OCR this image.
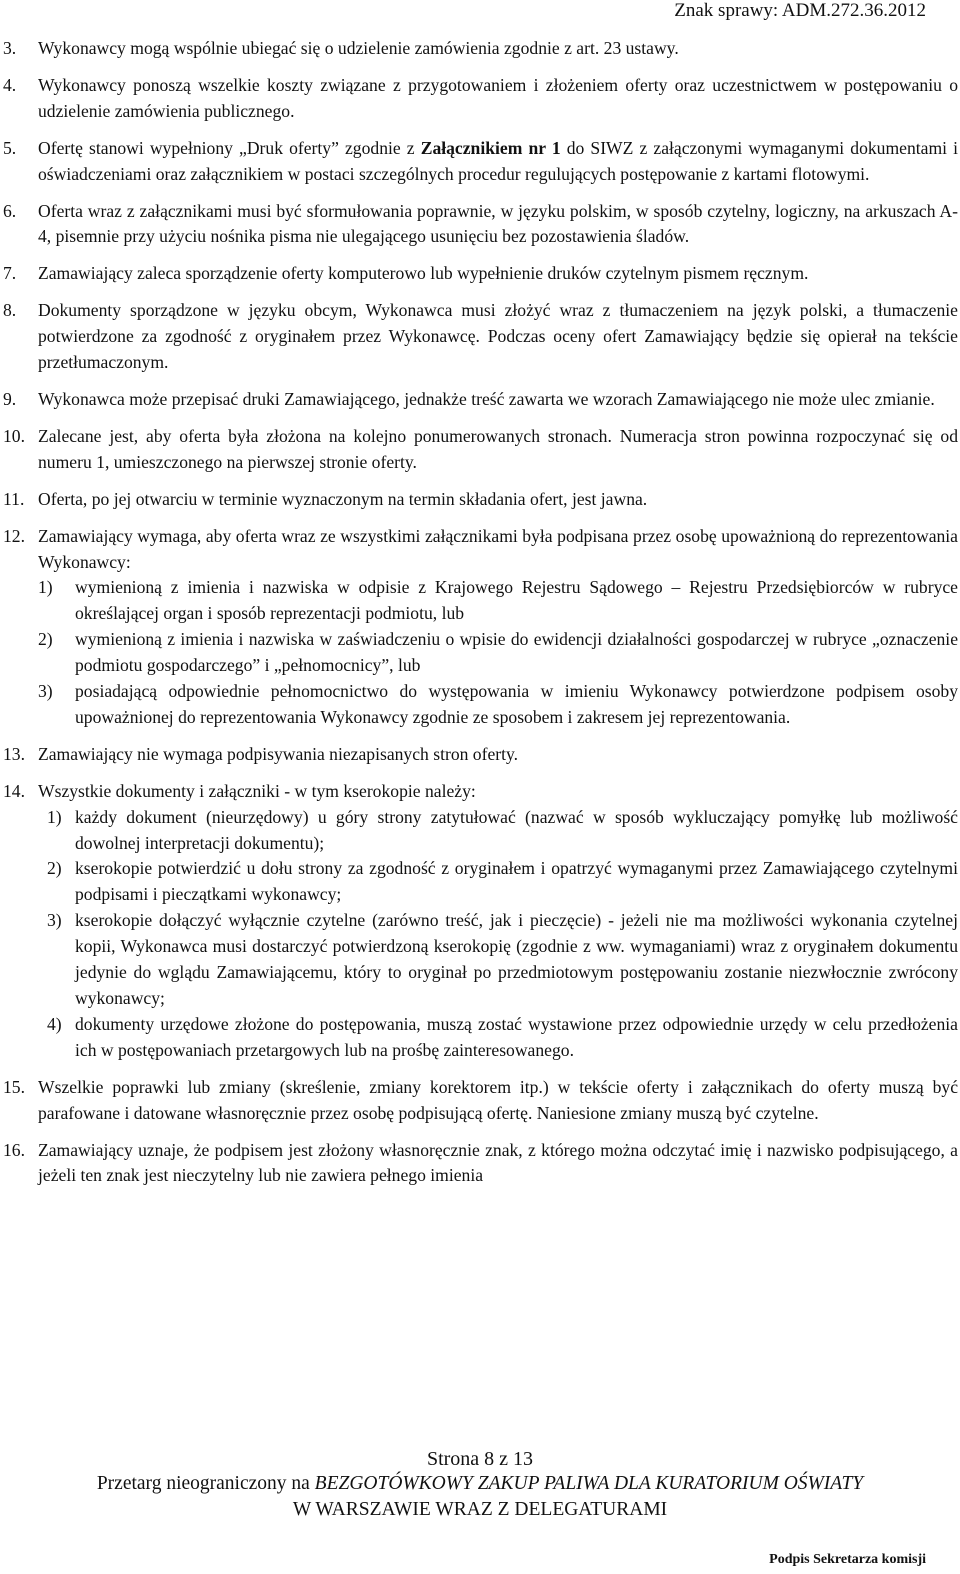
Znak sprawy: ADM.272.36.2012
3. Wykonawcy mogą wspólnie ubiegać się o udzielenie zamówienia zgodnie z art. 23 ustawy.
4. Wykonawcy ponoszą wszelkie koszty związane z przygotowaniem i złożeniem oferty oraz uczestnictwem w postępowaniu o udzielenie zamówienia publicznego.
5. Ofertę stanowi wypełniony „Druk oferty” zgodnie z Załącznikiem nr 1 do SIWZ z załączonymi wymaganymi dokumentami i oświadczeniami oraz załącznikiem w postaci szczególnych procedur regulujących postępowanie z kartami flotowymi.
6. Oferta wraz z załącznikami musi być sformułowania poprawnie, w języku polskim, w sposób czytelny, logiczny, na arkuszach A-4, pisemnie przy użyciu nośnika pisma nie ulegającego usunięciu bez pozostawienia śladów.
7. Zamawiający zaleca sporządzenie oferty komputerowo lub wypełnienie druków czytelnym pismem ręcznym.
8. Dokumenty sporządzone w języku obcym, Wykonawca musi złożyć wraz z tłumaczeniem na język polski, a tłumaczenie potwierdzone za zgodność z oryginałem przez Wykonawcę. Podczas oceny ofert Zamawiający będzie się opierał na tekście przetłumaczonym.
9. Wykonawca może przepisać druki Zamawiającego, jednakże treść zawarta we wzorach Zamawiającego nie może ulec zmianie.
10. Zalecane jest, aby oferta była złożona na kolejno ponumerowanych stronach. Numeracja stron powinna rozpoczynać się od numeru 1, umieszczonego na pierwszej stronie oferty.
11. Oferta, po jej otwarciu w terminie wyznaczonym na termin składania ofert, jest jawna.
12. Zamawiający wymaga, aby oferta wraz ze wszystkimi załącznikami była podpisana przez osobę upoważnioną do reprezentowania Wykonawcy:
1) wymienioną z imienia i nazwiska w odpisie z Krajowego Rejestru Sądowego – Rejestru Przedsiębiorców w rubryce określającej organ i sposób reprezentacji podmiotu, lub
2) wymienioną z imienia i nazwiska w zaświadczeniu o wpisie do ewidencji działalności gospodarczej w rubryce „oznaczenie podmiotu gospodarczego” i „pełnomocnicy”, lub
3) posiadającą odpowiednie pełnomocnictwo do występowania w imieniu Wykonawcy potwierdzone podpisem osoby upoważnionej do reprezentowania Wykonawcy zgodnie ze sposobem i zakresem jej reprezentowania.
13. Zamawiający nie wymaga podpisywania niezapisanych stron oferty.
14. Wszystkie dokumenty i załączniki - w tym kserokopie należy:
1) każdy dokument (nieurzędowy) u góry strony zatytułować (nazwać w sposób wykluczający pomyłkę lub możliwość dowolnej interpretacji dokumentu);
2) kserokopie potwierdzić u dołu strony za zgodność z oryginałem i opatrzyć wymaganymi przez Zamawiającego czytelnymi podpisami i pieczątkami wykonawcy;
3) kserokopie dołączyć wyłącznie czytelne (zarówno treść, jak i pieczęcie) - jeżeli nie ma możliwości wykonania czytelnej kopii, Wykonawca musi dostarczyć potwierdzoną kserokopię (zgodnie z ww. wymaganiami) wraz z oryginałem dokumentu jedynie do wglądu Zamawiającemu, który to oryginał po przedmiotowym postępowaniu zostanie niezwłocznie zwrócony wykonawcy;
4) dokumenty urzędowe złożone do postępowania, muszą zostać wystawione przez odpowiednie urzędy w celu przedłożenia ich w postępowaniach przetargowych lub na prośbę zainteresowanego.
15. Wszelkie poprawki lub zmiany (skreślenie, zmiany korektorem itp.) w tekście oferty i załącznikach do oferty muszą być parafowane i datowane własnoręcznie przez osobę podpisującą ofertę. Naniesione zmiany muszą być czytelne.
16. Zamawiający uznaje, że podpisem jest złożony własnoręcznie znak, z którego można odczytać imię i nazwisko podpisującego, a jeżeli ten znak jest nieczytelny lub nie zawiera pełnego imienia
Strona 8 z 13
Przetarg nieograniczony na BEZGOTÓWKOWY ZAKUP PALIWA DLA KURATORIUM OŚWIATY
W WARSZAWIE WRAZ Z DELEGATURAMI
Podpis Sekretarza komisji
